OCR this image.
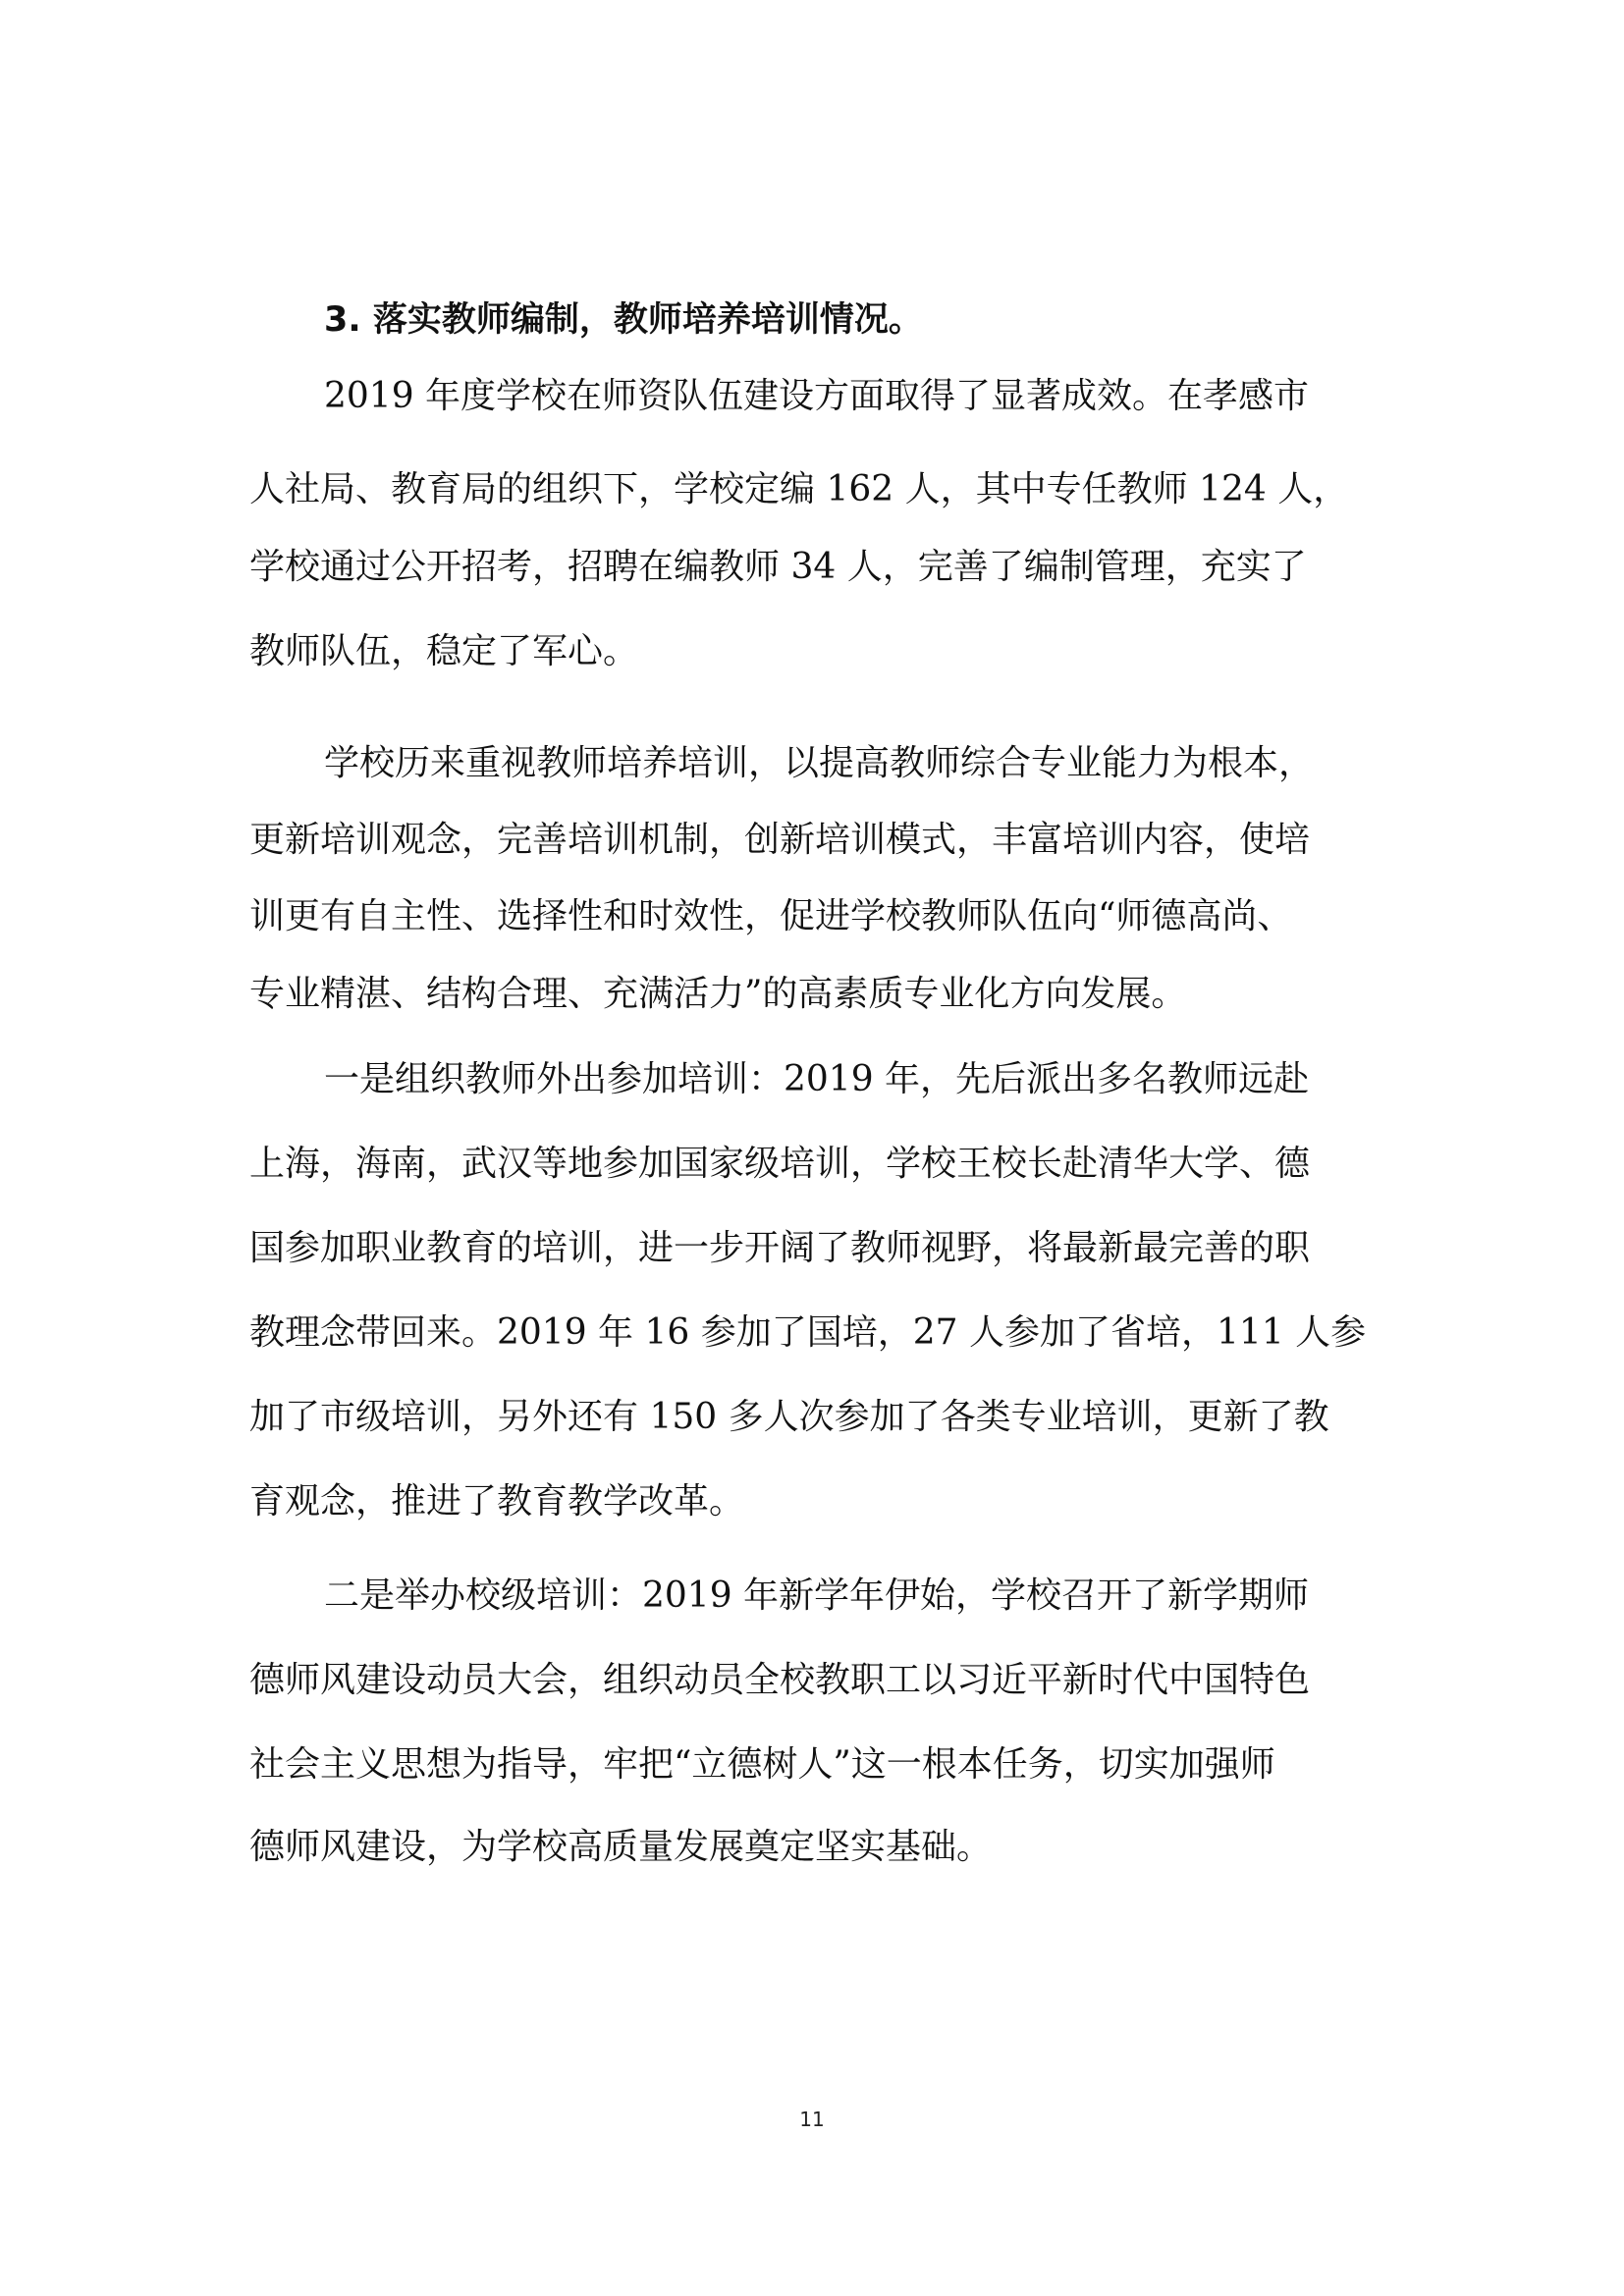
3. 落实教师编制，教师培养培训情况。

2019 年度学校在师资队伍建设方面取得了显著成效。在孝感市

人社局、教育局的组织下，学校定编 162 人，其中专任教师 124 人，

学校通过公开招考，招聘在编教师 34 人，完善了编制管理，充实了

教师队伍，稳定了军心。

学校历来重视教师培养培训，以提高教师综合专业能力为根本，

更新培训观念，完善培训机制，创新培训模式，丰富培训内容，使培

训更有自主性、选择性和时效性，促进学校教师队伍向“师德高尚、

专业精湛、结构合理、充满活力”的高素质专业化方向发展。

一是组织教师外出参加培训：2019 年，先后派出多名教师远赴

上海，海南，武汉等地参加国家级培训，学校王校长赴清华大学、德

国参加职业教育的培训，进一步开阔了教师视野，将最新最完善的职

教理念带回来。2019 年 16 参加了国培，27 人参加了省培，111 人参

加了市级培训，另外还有 150 多人次参加了各类专业培训，更新了教

育观念，推进了教育教学改革。

二是举办校级培训：2019 年新学年伊始，学校召开了新学期师

德师风建设动员大会，组织动员全校教职工以习近平新时代中国特色

社会主义思想为指导，牢把“立德树人”这一根本任务，切实加强师

德师风建设，为学校高质量发展奠定坚实基础。

11
